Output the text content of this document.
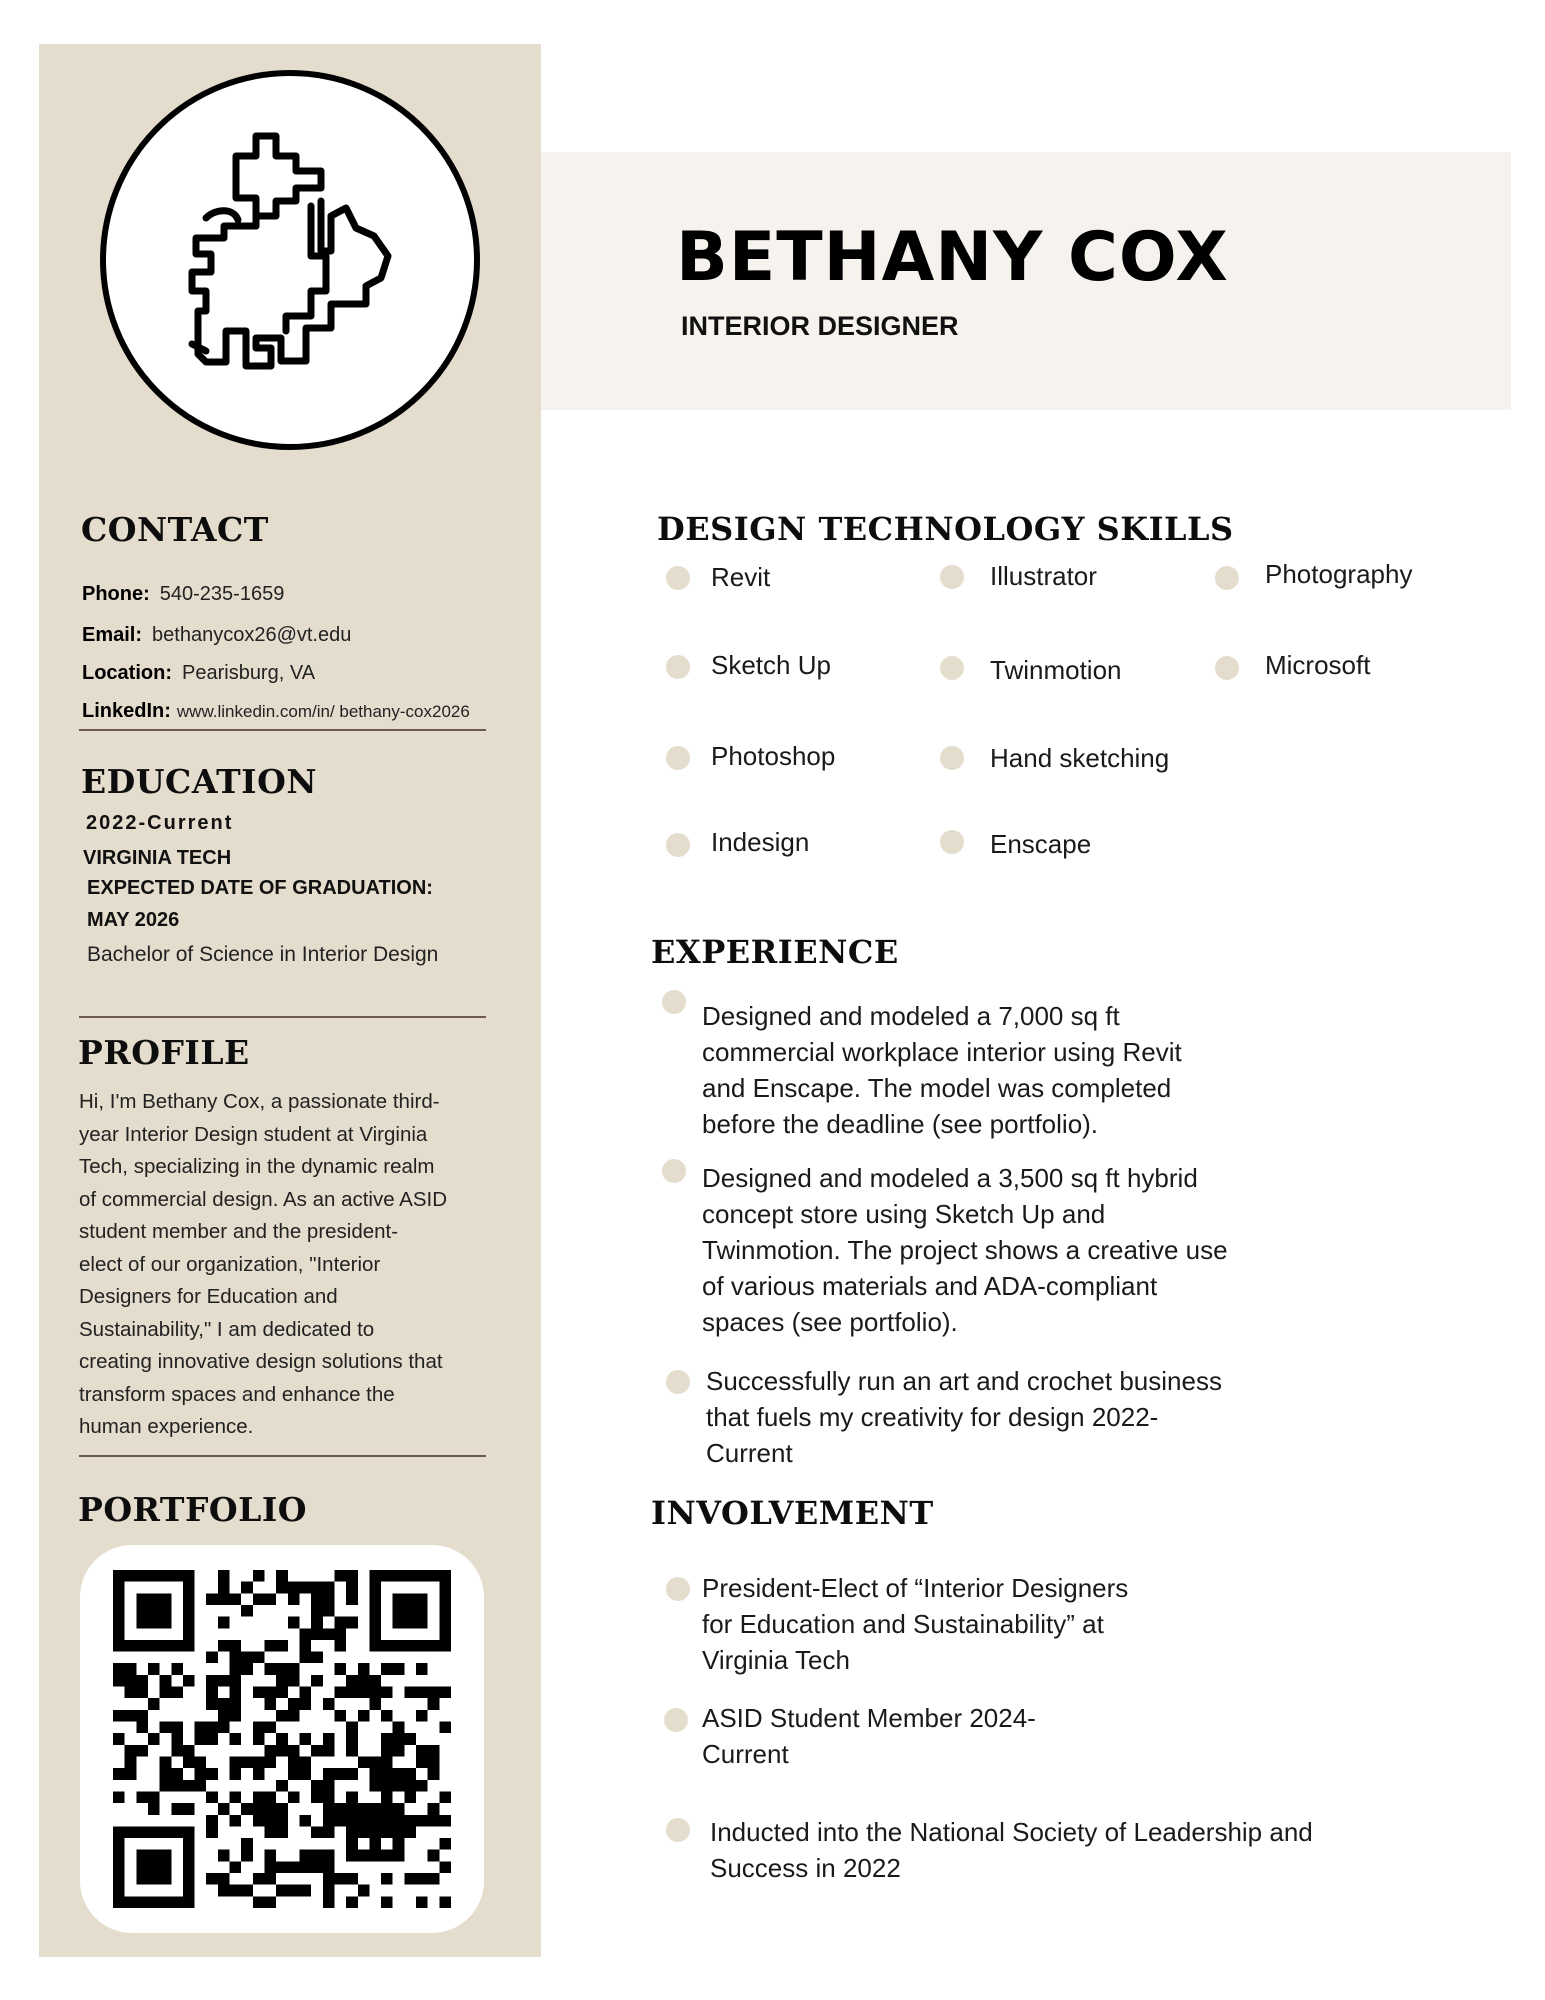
BETHANY COX
INTERIOR DESIGNER
CONTACT
Phone: 540-235-1659
Email: bethanycox26@vt.edu
Location: Pearisburg, VA
LinkedIn: www.linkedin.com/in/ bethany-cox2026
EDUCATION
2022-Current
VIRGINIA TECH
EXPECTED DATE OF GRADUATION:
MAY 2026
Bachelor of Science in Interior Design
PROFILE
Hi, I'm Bethany Cox, a passionate third-
year Interior Design student at Virginia
Tech, specializing in the dynamic realm
of commercial design. As an active ASID
student member and the president-
elect of our organization, "Interior
Designers for Education and
Sustainability," I am dedicated to
creating innovative design solutions that
transform spaces and enhance the
human experience.
PORTFOLIO
DESIGN TECHNOLOGY SKILLS
Revit	Illustrator	Photography
Sketch Up	Twinmotion	Microsoft
Photoshop	Hand sketching
Indesign	Enscape
EXPERIENCE
Designed and modeled a 7,000 sq ft
commercial workplace interior using Revit
and Enscape. The model was completed
before the deadline (see portfolio).
Designed and modeled a 3,500 sq ft hybrid
concept store using Sketch Up and
Twinmotion. The project shows a creative use
of various materials and ADA-compliant
spaces (see portfolio).
Successfully run an art and crochet business
that fuels my creativity for design 2022-
Current
INVOLVEMENT
President-Elect of “Interior Designers
for Education and Sustainability” at
Virginia Tech
ASID Student Member 2024-
Current
Inducted into the National Society of Leadership and
Success in 2022
